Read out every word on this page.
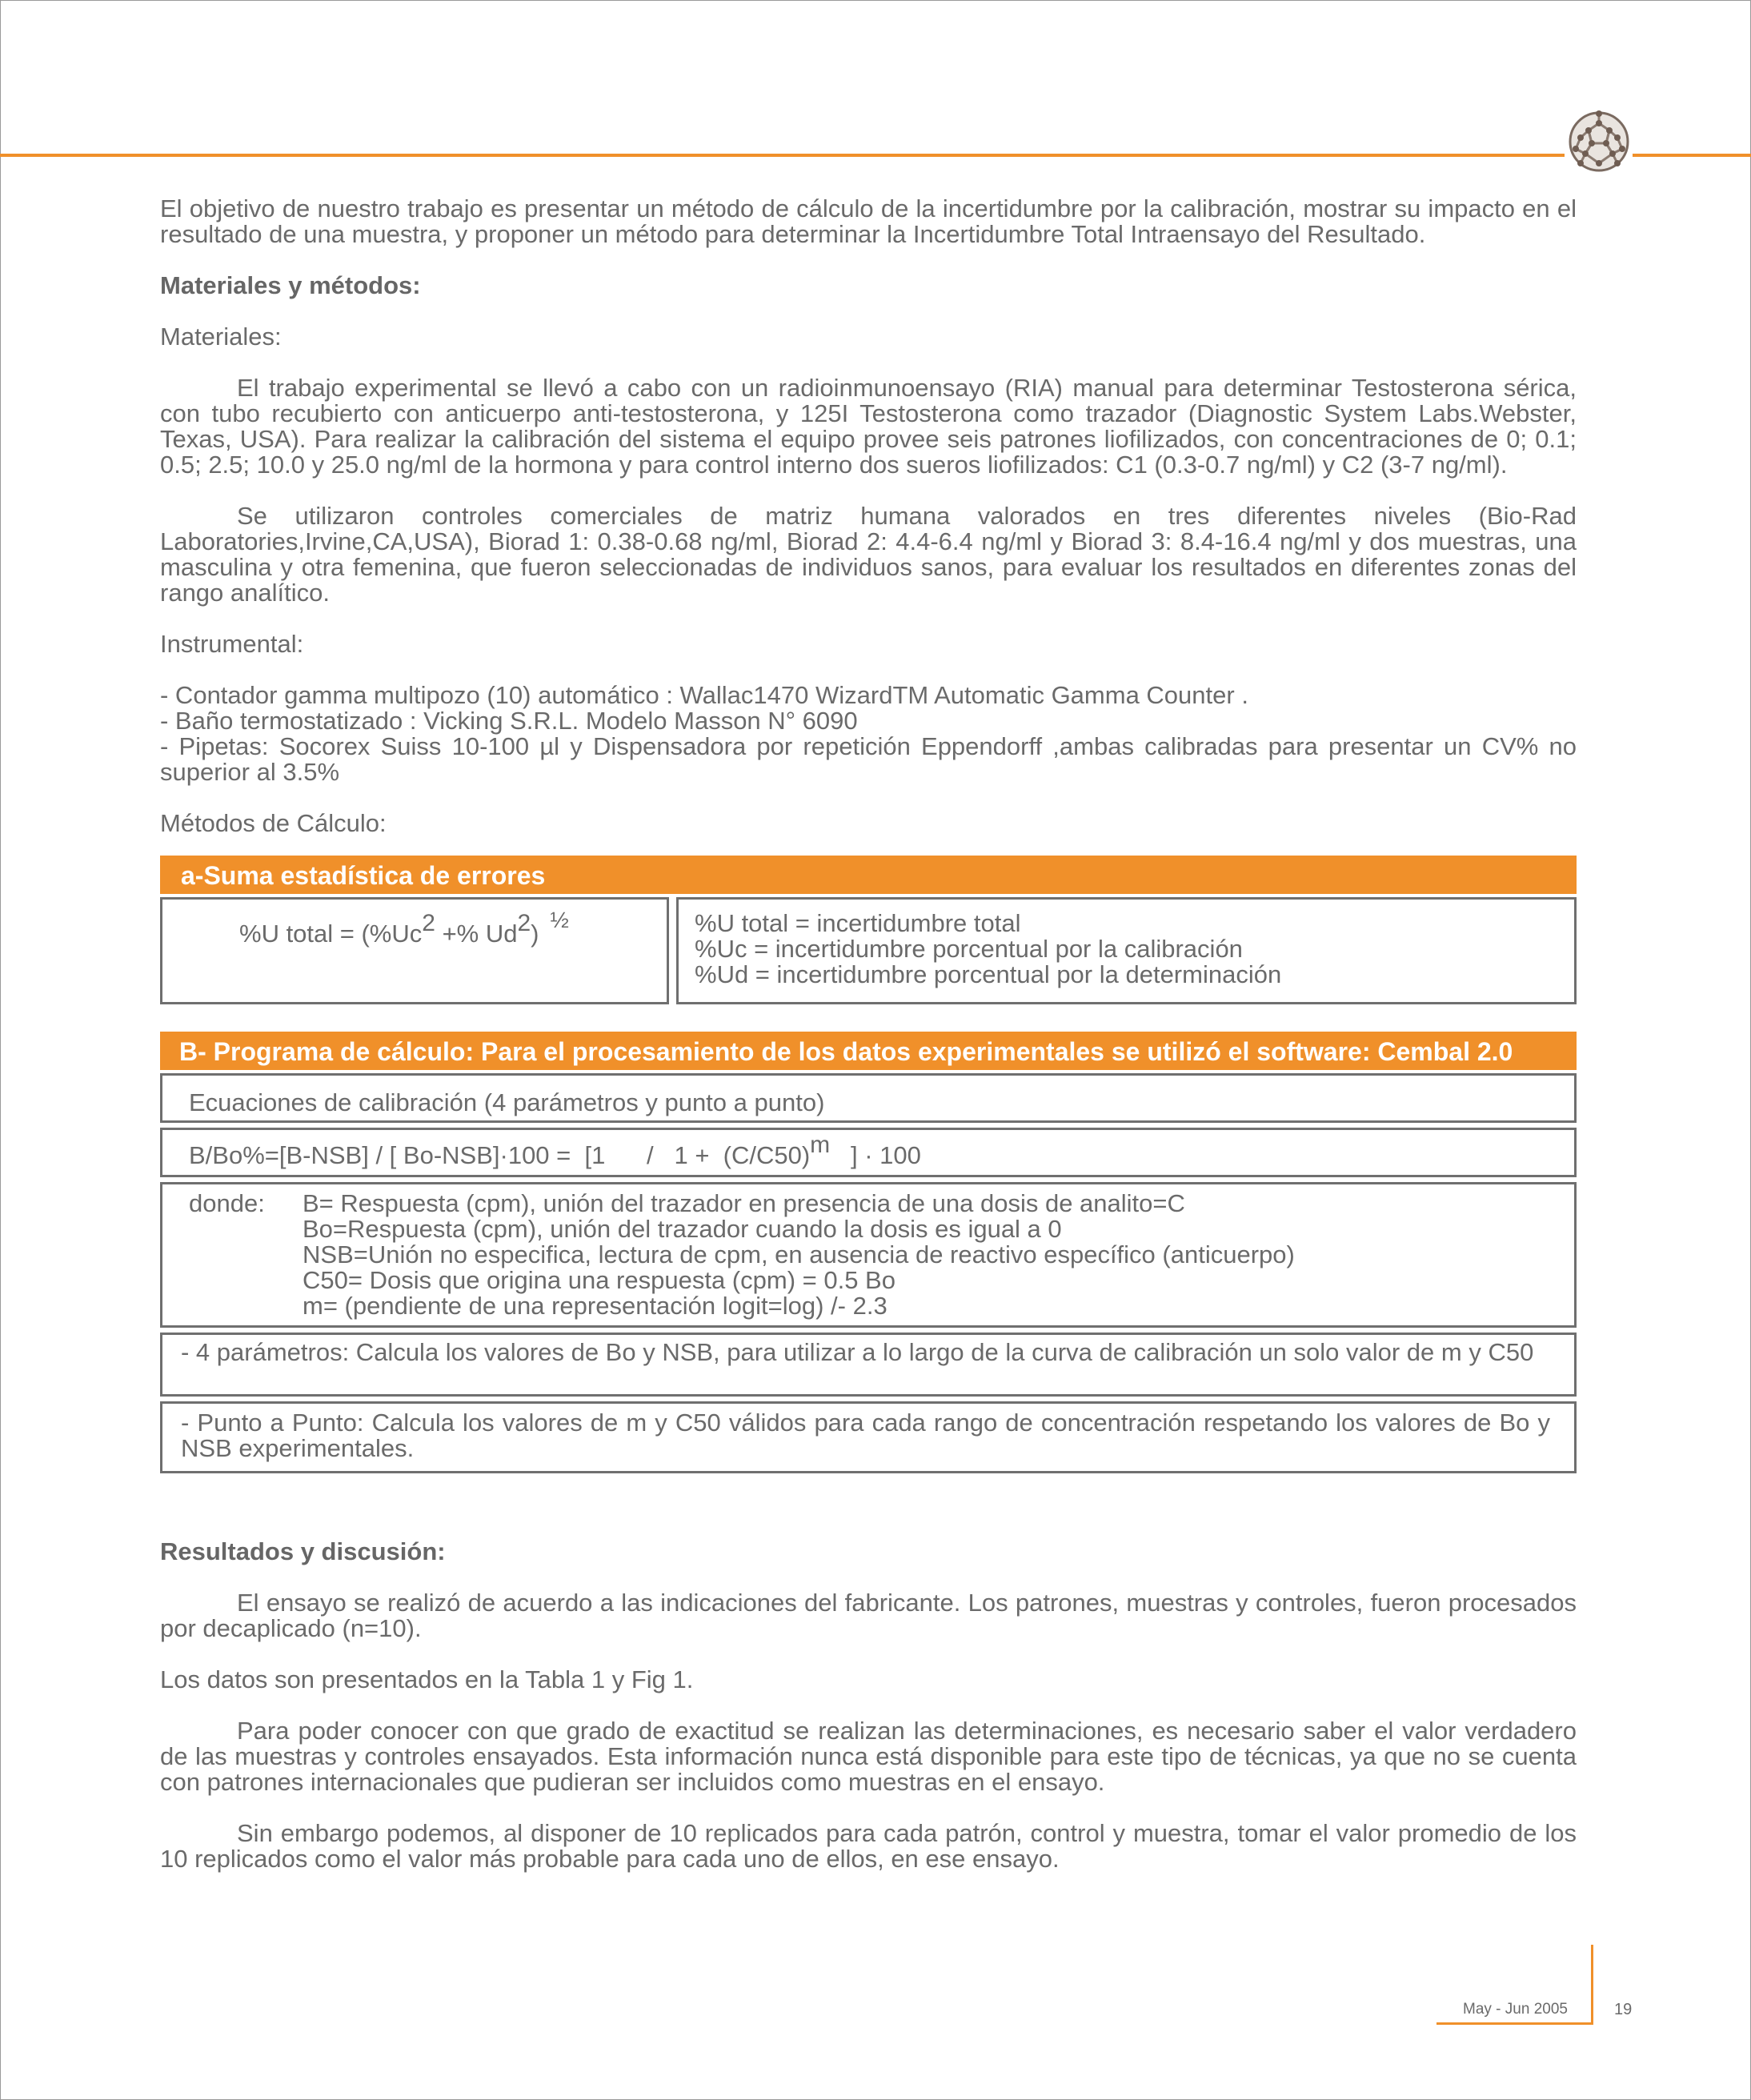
El objetivo de nuestro trabajo es presentar un método de cálculo de la incertidumbre por la calibración, mostrar su impacto en el resultado de una muestra, y proponer un método para determinar la Incertidumbre Total Intraensayo del Resultado.

Materiales y métodos:

Materiales:

El trabajo experimental se llevó a cabo con un radioinmunoensayo (RIA) manual para determinar Testosterona sérica, con tubo recubierto con anticuerpo anti-testosterona, y 125I Testosterona como trazador (Diagnostic System Labs.Webster, Texas, USA). Para realizar la calibración del sistema el equipo provee seis patrones liofilizados, con concentraciones de 0; 0.1; 0.5; 2.5; 10.0 y 25.0 ng/ml de la hormona y para control interno dos sueros liofilizados: C1 (0.3-0.7 ng/ml) y C2 (3-7 ng/ml).

Se utilizaron controles comerciales de matriz humana valorados en tres diferentes niveles (Bio-Rad Laboratories,Irvine,CA,USA), Biorad 1: 0.38-0.68 ng/ml, Biorad 2: 4.4-6.4 ng/ml y Biorad 3: 8.4-16.4 ng/ml y dos muestras, una masculina y otra femenina, que fueron seleccionadas de individuos sanos, para evaluar los resultados en diferentes zonas del rango analítico.

Instrumental:

- Contador gamma multipozo (10) automático : Wallac1470 WizardTM Automatic Gamma Counter .

- Baño termostatizado : Vicking S.R.L. Modelo Masson N° 6090

- Pipetas: Socorex Suiss 10-100 µl y Dispensadora por repetición Eppendorff ,ambas calibradas para presentar un CV% no superior al 3.5%

Métodos de Cálculo:

a-Suma estadística de errores
%U total = ($\%Uc^2$ +% Ud$^2$) ½	%U total = incertidumbre total
%Uc = incertidumbre porcentual por la calibración
%Ud = incertidumbre porcentual por la determinación
B- Programa de cálculo: Para el procesamiento de los datos experimentales se utilizó el software: Cembal 2.0
Ecuaciones de calibración (4 parámetros y punto a punto)
B/Bo%=[B-NSB] / [ Bo-NSB]·100 =  [1      /   $1 + (C/C50)^m$   ] · 100
donde:	B= Respuesta (cpm), unión del trazador en presencia de una dosis de analito=C
Bo=Respuesta (cpm), unión del trazador cuando la dosis es igual a 0
NSB=Unión no especifica, lectura de cpm, en ausencia de reactivo específico (anticuerpo)
C50= Dosis que origina una respuesta (cpm) = 0.5 Bo
m= (pendiente de una representación logit=log) /- 2.3
- 4 parámetros: Calcula los valores de Bo y NSB, para utilizar a lo largo de la curva de calibración un solo valor de m y C50
- Punto a Punto: Calcula los valores de m y C50 válidos para cada rango de concentración respetando los valores de Bo y NSB experimentales.

Resultados y discusión:

El ensayo se realizó de acuerdo a las indicaciones del fabricante. Los patrones, muestras y controles, fueron procesados por decaplicado (n=10).

Los datos son presentados en la Tabla 1 y Fig 1.

Para poder conocer con que grado de exactitud se realizan las determinaciones, es necesario saber el valor verdadero de las muestras y controles ensayados. Esta información nunca está disponible para este tipo de técnicas, ya que no se cuenta con patrones internacionales que pudieran ser incluidos como muestras en el ensayo.

Sin embargo podemos, al disponer de 10 replicados para cada patrón, control y muestra, tomar el valor promedio de los 10 replicados como el valor más probable para cada uno de ellos, en ese ensayo.

May - Jun 2005	19
